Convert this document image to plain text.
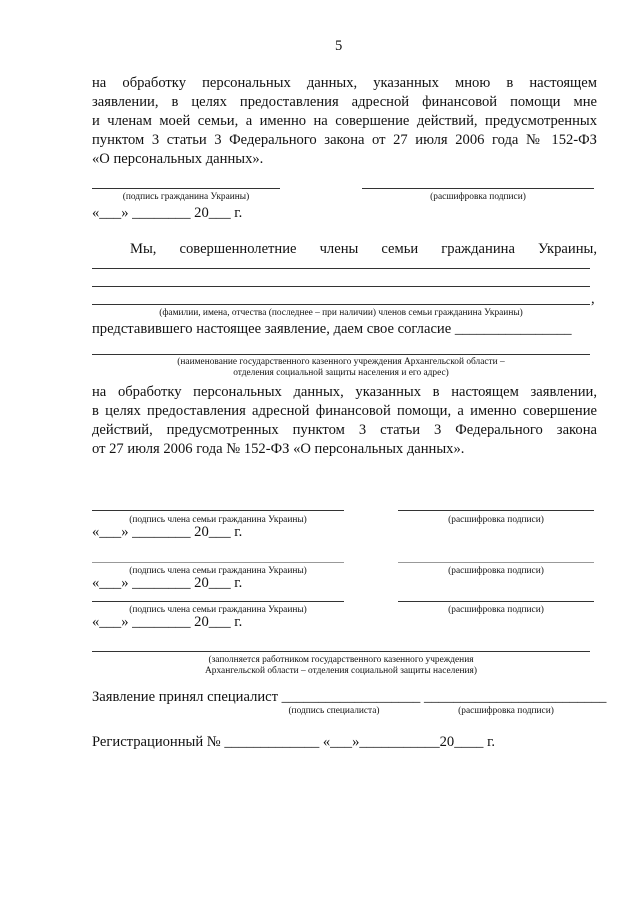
5
на обработку персональных данных, указанных мною в настоящем
заявлении, в целях предоставления адресной финансовой помощи мне
и членам моей семьи, а именно на совершение действий, предусмотренных
пунктом 3 статьи 3 Федерального закона от 27 июля 2006 года № 152-ФЗ
«О персональных данных».
(подпись гражданина Украины)	(расшифровка подписи)
«___» ________ 20___ г.
Мы, совершеннолетние члены семьи гражданина Украины,
,
(фамилии, имена, отчества (последнее – при наличии) членов семьи гражданина Украины)
представившего настоящее заявление, даем свое согласие ________________
(наименование государственного казенного учреждения Архангельской области –
отделения социальной защиты населения и его адрес)
на обработку персональных данных, указанных в настоящем заявлении,
в целях предоставления адресной финансовой помощи, а именно совершение
действий, предусмотренных пунктом 3 статьи 3 Федерального закона
от 27 июля 2006 года № 152-ФЗ «О персональных данных».
(подпись члена семьи гражданина Украины)	(расшифровка подписи)
«___» ________ 20___ г.
(подпись члена семьи гражданина Украины)	(расшифровка подписи)
«___» ________ 20___ г.
(подпись члена семьи гражданина Украины)	(расшифровка подписи)
«___» ________ 20___ г.
(заполняется работником государственного казенного учреждения
Архангельской области – отделения социальной защиты населения)
Заявление принял специалист ___________________ _________________________
(подпись специалиста)	(расшифровка подписи)
Регистрационный № _____________ «___»___________20____ г.
